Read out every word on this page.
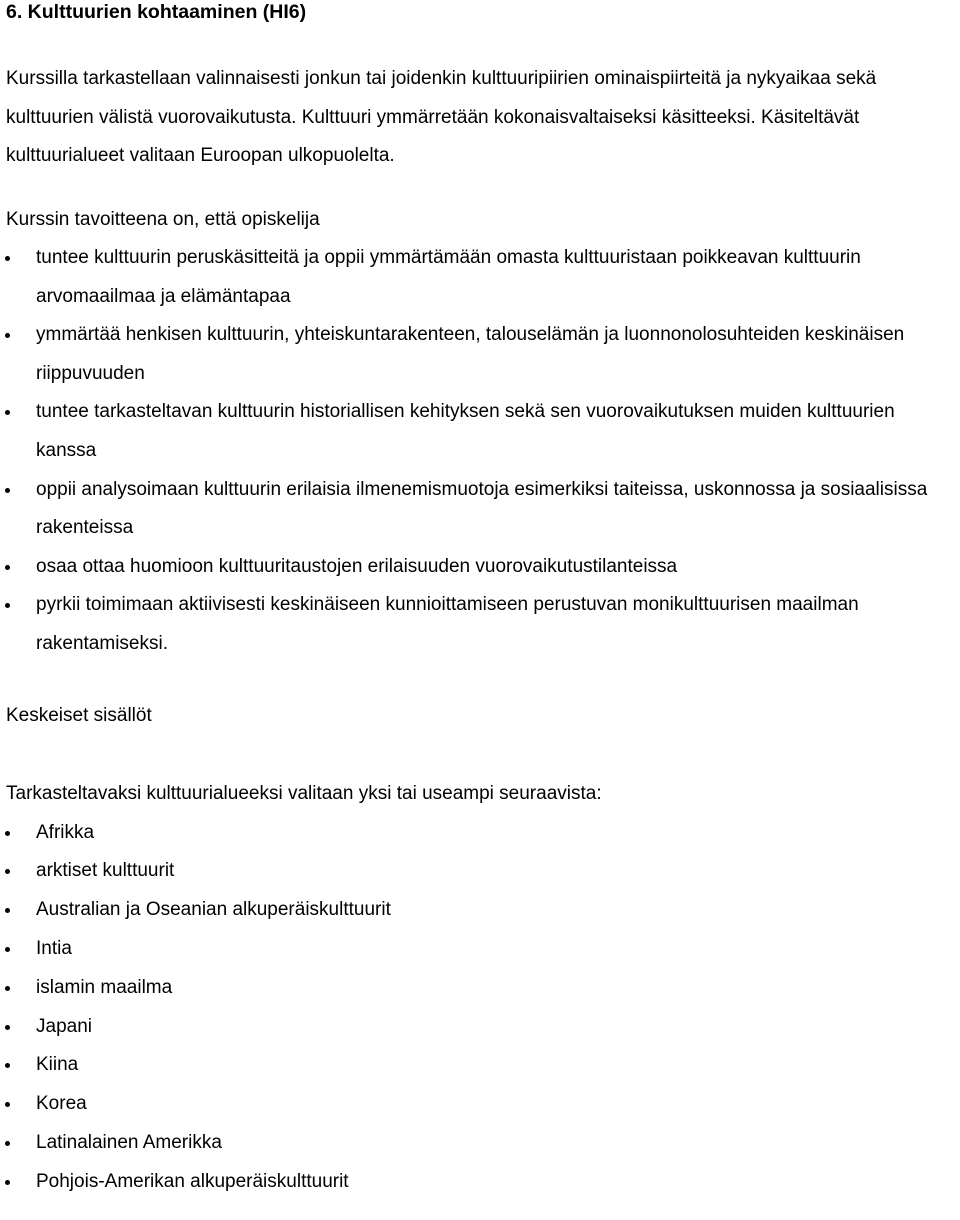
6. Kulttuurien kohtaaminen (HI6)

Kurssilla tarkastellaan valinnaisesti jonkun tai joidenkin kulttuuripiirien ominaispiirteitä ja nykyaikaa sekä kulttuurien välistä vuorovaikutusta. Kulttuuri ymmärretään kokonaisvaltaiseksi käsitteeksi. Käsiteltävät kulttuurialueet valitaan Euroopan ulkopuolelta.

Kurssin tavoitteena on, että opiskelija

tuntee kulttuurin peruskäsitteitä ja oppii ymmärtämään omasta kulttuuristaan poikkeavan kulttuurin arvomaailmaa ja elämäntapaa
ymmärtää henkisen kulttuurin, yhteiskuntarakenteen, talouselämän ja luonnonolosuhteiden keskinäisen riippuvuuden
tuntee tarkasteltavan kulttuurin historiallisen kehityksen sekä sen vuorovaikutuksen muiden kulttuurien kanssa
oppii analysoimaan kulttuurin erilaisia ilmenemismuotoja esimerkiksi taiteissa, uskonnossa ja sosiaalisissa rakenteissa
osaa ottaa huomioon kulttuuritaustojen erilaisuuden vuorovaikutustilanteissa
pyrkii toimimaan aktiivisesti keskinäiseen kunnioittamiseen perustuvan monikulttuurisen maailman rakentamiseksi.

Keskeiset sisällöt

Tarkasteltavaksi kulttuurialueeksi valitaan yksi tai useampi seuraavista:

Afrikka
arktiset kulttuurit
Australian ja Oseanian alkuperäiskulttuurit
Intia
islamin maailma
Japani
Kiina
Korea
Latinalainen Amerikka
Pohjois-Amerikan alkuperäiskulttuurit
